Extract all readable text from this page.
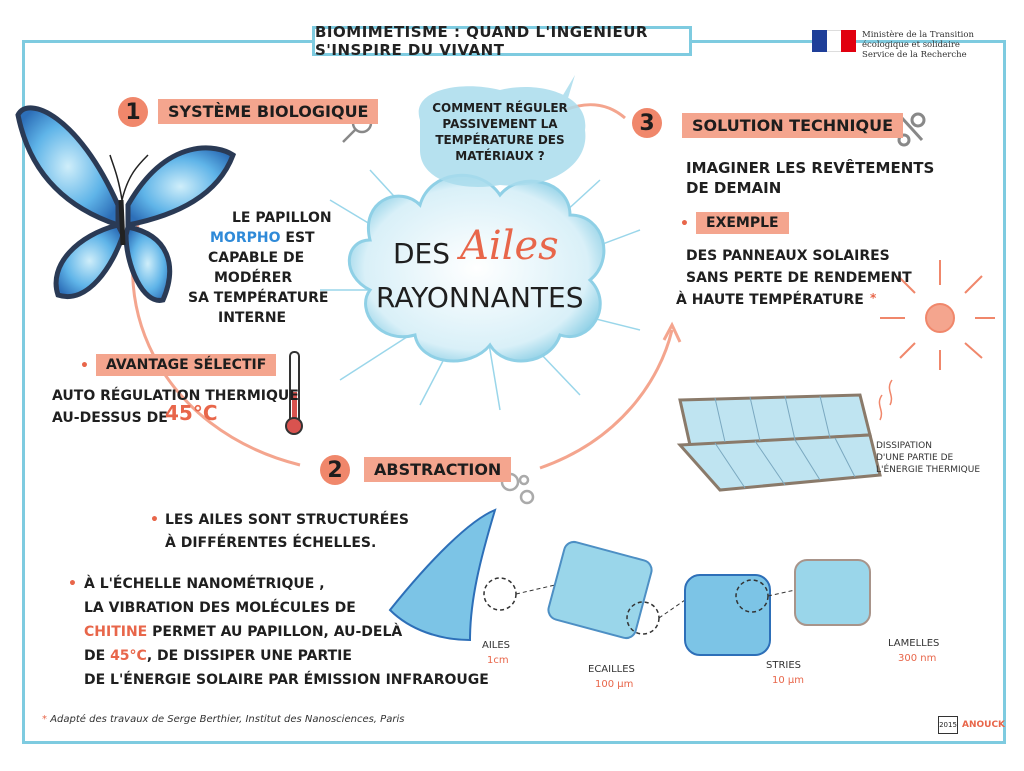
BIOMIMETISME : QUAND L'INGENIEUR S'INSPIRE DU VIVANT
Ministère de la Transition
écologique et solidaire
Service de la Recherche
COMMENT RÉGULER PASSIVEMENT LA TEMPÉRATURE DES MATÉRIAUX ?
DES Ailes
RAYONNANTES
1	SYSTÈME BIOLOGIQUE
LE PAPILLON
MORPHO EST
CAPABLE DE
MODÉRER
SA TEMPÉRATURE
INTERNE
•	AVANTAGE SÉLECTIF
AUTO RÉGULATION THERMIQUE
AU-DESSUS DE
45°C
2	ABSTRACTION
• LES AILES SONT STRUCTURÉES
À DIFFÉRENTES ÉCHELLES.
• À L'ÉCHELLE NANOMÉTRIQUE ,
LA VIBRATION DES MOLÉCULES DE
CHITINE PERMET AU PAPILLON, AU-DELÀ
DE 45°C, DE DISSIPER UNE PARTIE
DE L'ÉNERGIE SOLAIRE PAR ÉMISSION INFRAROUGE
AILES
1cm
ECAILLES
100 µm
STRIES
10 µm
LAMELLES
300 nm
3	SOLUTION TECHNIQUE
IMAGINER LES REVÊTEMENTS
DE DEMAIN
•	EXEMPLE
DES PANNEAUX SOLAIRES
SANS PERTE DE RENDEMENT
À HAUTE TEMPÉRATURE *
DISSIPATION
D'UNE PARTIE DE
L'ÉNERGIE THERMIQUE
* Adapté des travaux de Serge Berthier, Institut des Nanosciences, Paris	2015 ANOUCK
